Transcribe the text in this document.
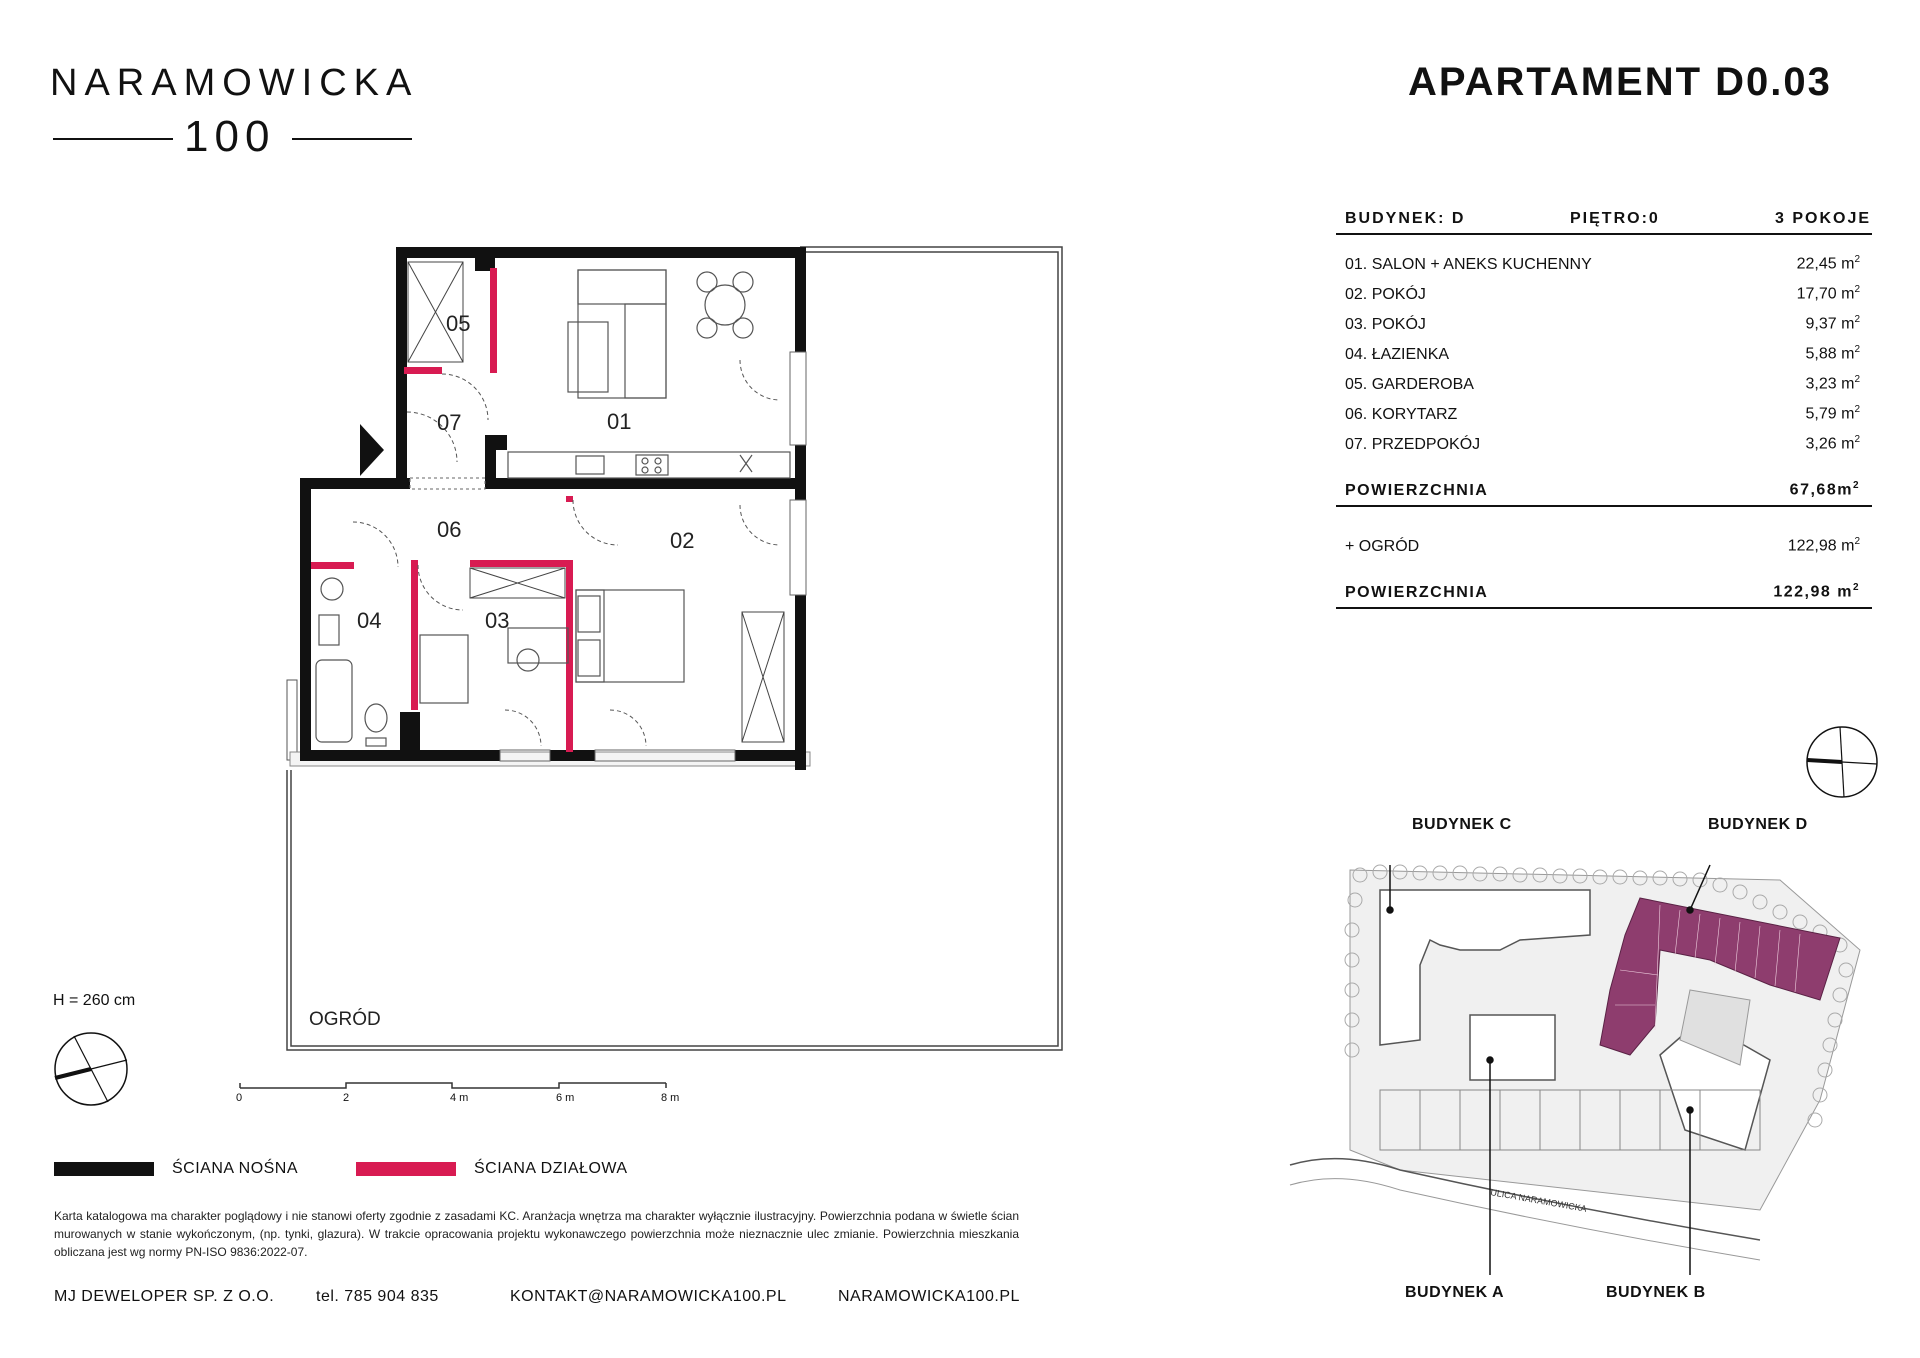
NARAMOWICKA
100
APARTAMENT D0.03
BUDYNEK: D	PIĘTRO:0	3 POKOJE
01. SALON + ANEKS KUCHENNY	22,45 $m^2$
02. POKÓJ	17,70 $m^2$
03. POKÓJ	9,37 $m^2$
04. ŁAZIENKA	5,88 $m^2$
05. GARDEROBA	3,23 $m^2$
06. KORYTARZ	5,79 $m^2$
07. PRZEDPOKÓJ	3,26 $m^2$
POWIERZCHNIA	$67,68m^2$
+ OGRÓD	122,98 $m^2$
POWIERZCHNIA	122,98 $m^2$
05
07	01
06	02
04	03
OGRÓD
H = 260 cm
0	2	4 m	6 m	8 m
ŚCIANA NOŚNA	ŚCIANA DZIAŁOWA
Karta katalogowa ma charakter poglądowy i nie stanowi oferty zgodnie z zasadami KC. Aranżacja wnętrza ma charakter wyłącznie ilustracyjny. Powierzchnia podana w świetle ścian murowanych w stanie wykończonym, (np. tynki, glazura). W trakcie opracowania projektu wykonawczego powierzchnia może nieznacznie ulec zmianie. Powierzchnia mieszkania obliczana jest wg normy PN-ISO 9836:2022-07.
MJ DEWELOPER SP. Z O.O.	tel. 785 904 835	KONTAKT@NARAMOWICKA100.PL	NARAMOWICKA100.PL
ULICA NARAMOWICKA
BUDYNEK C	BUDYNEK D
BUDYNEK A	BUDYNEK B
